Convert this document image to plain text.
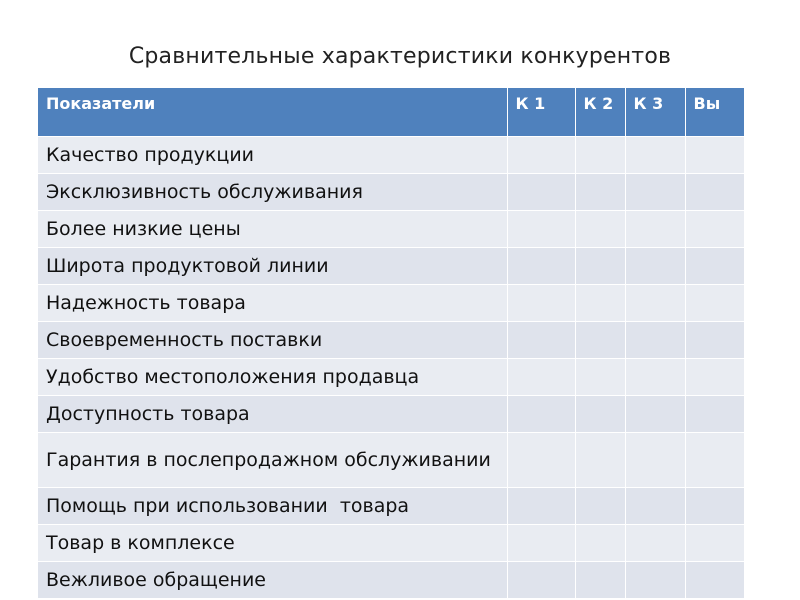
Сравнительные характеристики конкурентов
Показатели	К 1	К 2	К 3	Вы
Качество продукции				
Эксклюзивность обслуживания				
Более низкие цены				
Широта продуктовой линии				
Надежность товара				
Своевременность поставки				
Удобство местоположения продавца				
Доступность товара				
Гарантия в послепродажном обслуживании				
Помощь при использовании  товара				
Товар в комплексе				
Вежливое обращение				
